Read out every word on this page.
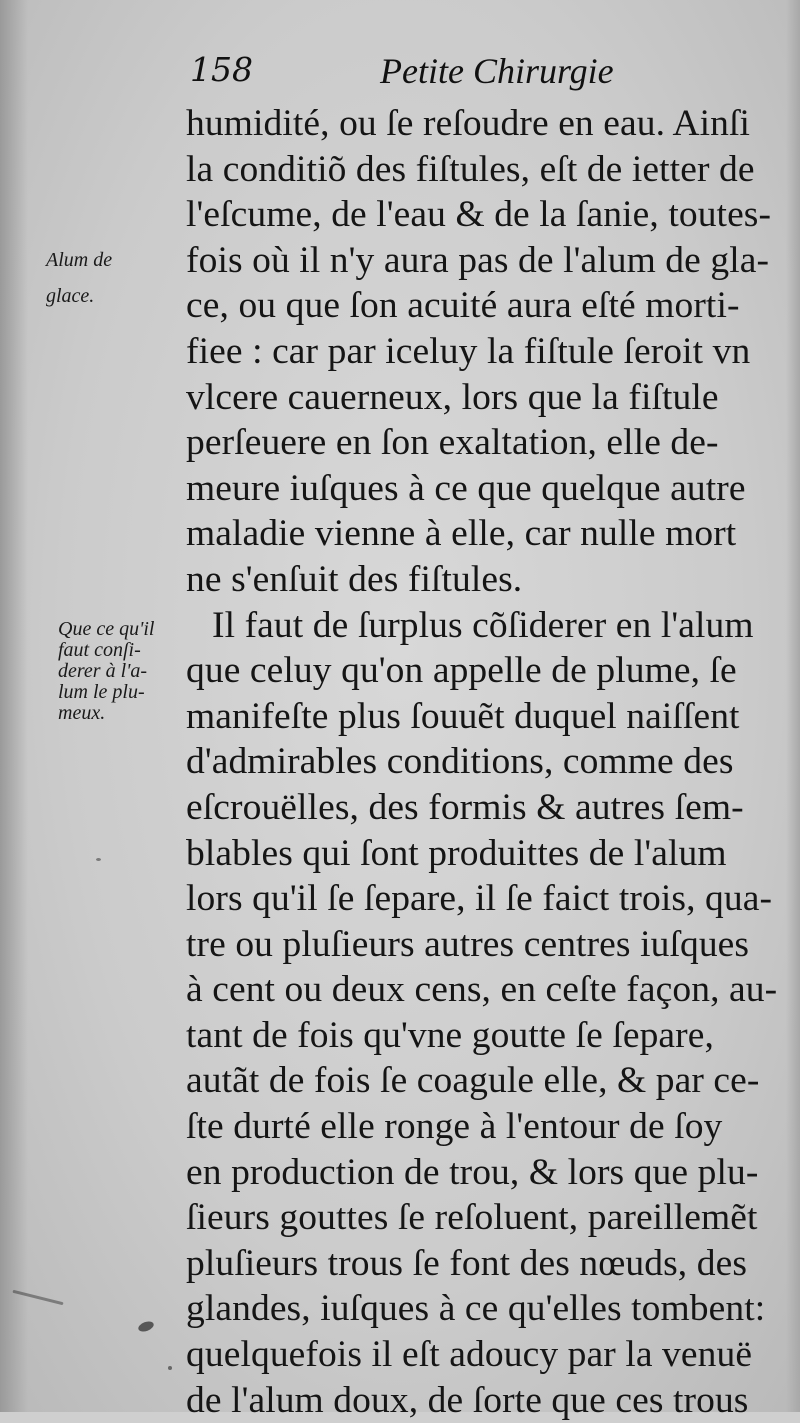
158	Petite Chirurgie
Alum de
glace.
Que ce qu'il
faut conſi-
derer à l'a-
lum le plu-
meux.
humidité, ou ſe reſoudre en eau. Ainſi
la conditiõ des fiſtules, eſt de ietter de
l'eſcume, de l'eau & de la ſanie, toutes-
fois où il n'y aura pas de l'alum de gla-
ce, ou que ſon acuité aura eſté morti-
fiee : car par iceluy la fiſtule ſeroit vn
vlcere cauerneux, lors que la fiſtule
perſeuere en ſon exaltation, elle de-
meure iuſques à ce que quelque autre
maladie vienne à elle, car nulle mort
ne s'enſuit des fiſtules.
Il faut de ſurplus cõſiderer en l'alum
que celuy qu'on appelle de plume, ſe
manifeſte plus ſouuẽt duquel naiſſent
d'admirables conditions, comme des
eſcrouëlles, des formis & autres ſem-
blables qui ſont produittes de l'alum
lors qu'il ſe ſepare, il ſe faict trois, qua-
tre ou pluſieurs autres centres iuſques
à cent ou deux cens, en ceſte façon, au-
tant de fois qu'vne goutte ſe ſepare,
autãt de fois ſe coagule elle, & par ce-
ſte durté elle ronge à l'entour de ſoy
en production de trou, & lors que plu-
ſieurs gouttes ſe reſoluent, pareillemẽt
pluſieurs trous ſe font des nœuds, des
glandes, iuſques à ce qu'elles tombent:
quelquefois il eſt adoucy par la venuë
de l'alum doux, de ſorte que ces trous
